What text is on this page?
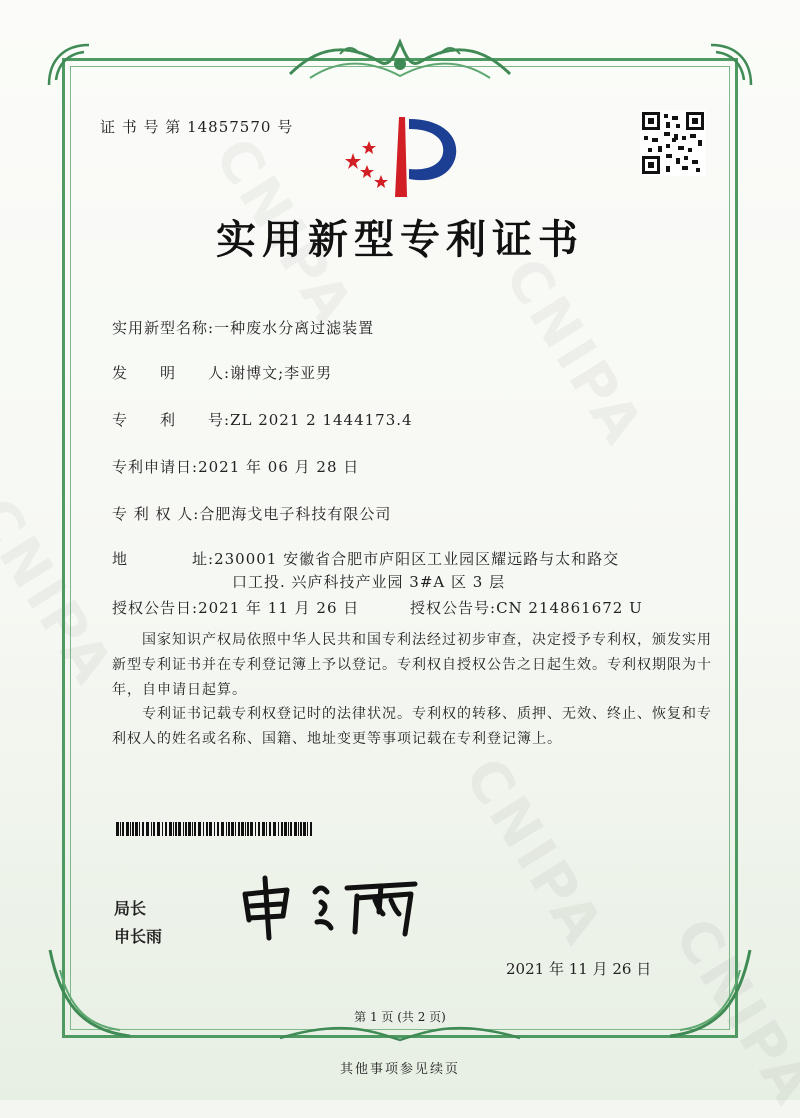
证 书 号 第 14857570 号
实用新型专利证书
实用新型名称:一种废水分离过滤装置
发　　明　　人:谢博文;李亚男
专　　利　　号:ZL 2021 2 1444173.4
专利申请日:2021 年 06 月 28 日
专 利 权 人:合肥海戈电子科技有限公司
地　　　　址:230001 安徽省合肥市庐阳区工业园区耀远路与太和路交
口工投. 兴庐科技产业园 3#A 区 3 层
授权公告日:2021 年 11 月 26 日	授权公告号:CN 214861672 U
国家知识产权局依照中华人民共和国专利法经过初步审查，决定授予专利权，颁发实用新型专利证书并在专利登记簿上予以登记。专利权自授权公告之日起生效。专利权期限为十年，自申请日起算。
专利证书记载专利权登记时的法律状况。专利权的转移、质押、无效、终止、恢复和专利权人的姓名或名称、国籍、地址变更等事项记载在专利登记簿上。
局长
申长雨
2021 年 11 月 26 日
第 1 页 (共 2 页)
其他事项参见续页
